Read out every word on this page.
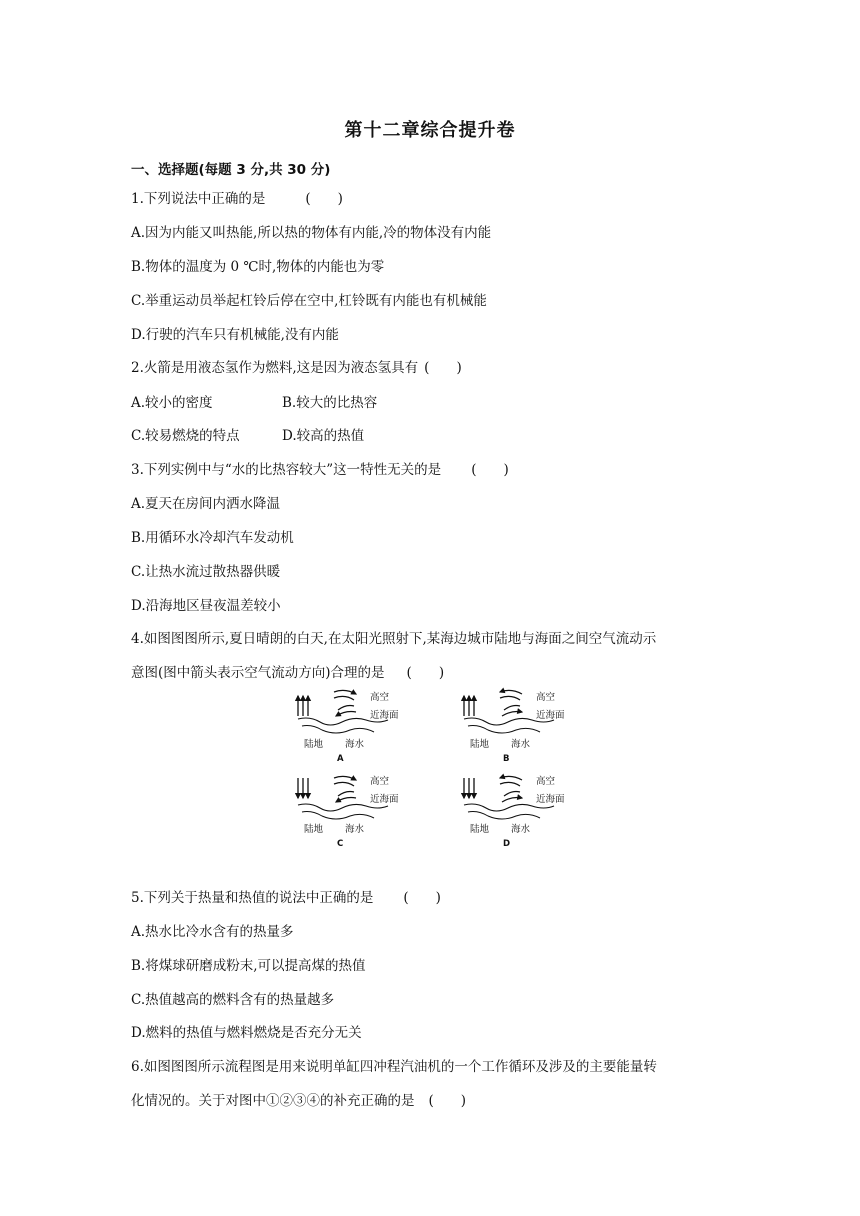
第十二章综合提升卷
一、选择题(每题 3 分,共 30 分)
1.下列说法中正确的是	(　　)
A.因为内能又叫热能,所以热的物体有内能,冷的物体没有内能
B.物体的温度为 0 ℃时,物体的内能也为零
C.举重运动员举起杠铃后停在空中,杠铃既有内能也有机械能
D.行驶的汽车只有机械能,没有内能
2.火箭是用液态氢作为燃料,这是因为液态氢具有 (　　)
A.较小的密度	B.较大的比热容
C.较易燃烧的特点	D.较高的热值
3.下列实例中与“水的比热容较大”这一特性无关的是 (　　)
A.夏天在房间内洒水降温
B.用循环水冷却汽车发动机
C.让热水流过散热器供暖
D.沿海地区昼夜温差较小
4.如图图图所示,夏日晴朗的白天,在太阳光照射下,某海边城市陆地与海面之间空气流动示
意图(图中箭头表示空气流动方向)合理的是 (　　)
高空
近海面
陆地 海水
A
高空
近海面
陆地 海水
B
高空
近海面
陆地 海水
C
高空
近海面
陆地 海水
D
5.下列关于热量和热值的说法中正确的是 (　　)
A.热水比冷水含有的热量多
B.将煤球研磨成粉末,可以提高煤的热值
C.热值越高的燃料含有的热量越多
D.燃料的热值与燃料燃烧是否充分无关
6.如图图图所示流程图是用来说明单缸四冲程汽油机的一个工作循环及涉及的主要能量转
化情况的。关于对图中①②③④的补充正确的是 (　　)
